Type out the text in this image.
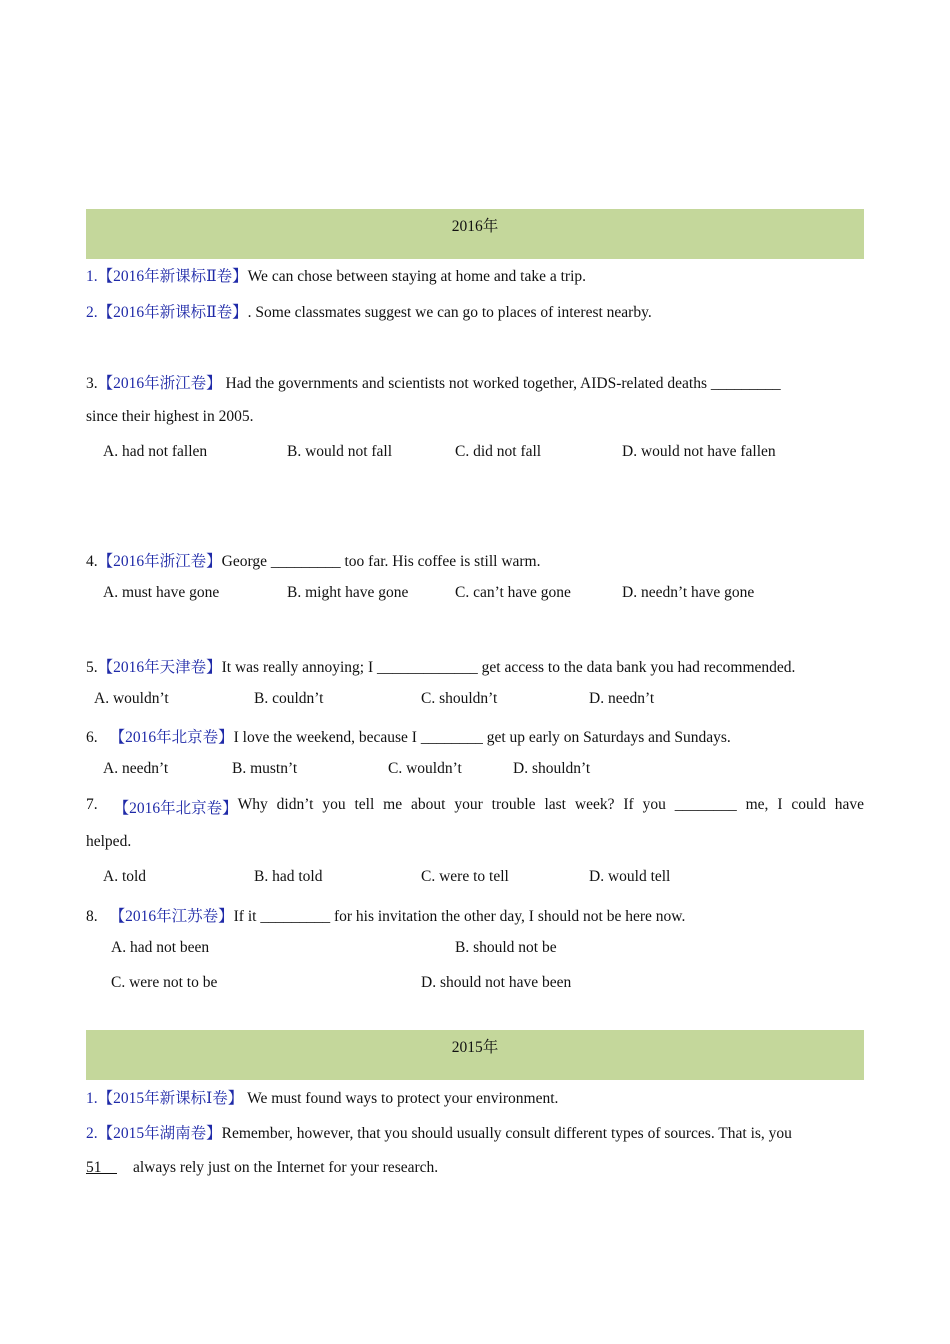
2016年
1.【2016年新课标Ⅱ卷】We can chose between staying at home and take a trip.
2.【2016年新课标Ⅱ卷】. Some classmates suggest we can go to places of interest nearby.
3.【2016年浙江卷】 Had the governments and scientists not worked together, AIDS-related deaths _________
since their highest in 2005.
A. had not fallen	B. would not fall	C. did not fall	D. would not have fallen
4.【2016年浙江卷】George _________ too far. His coffee is still warm.
A. must have gone	B. might have gone	C. can’t have gone	D. needn’t have gone
5.【2016年天津卷】It was really annoying; I _____________ get access to the data bank you had recommended.
A. wouldn’t	B. couldn’t	C. shouldn’t	D. needn’t
6. 【2016年北京卷】I love the weekend, because I ________ get up early on Saturdays and Sundays.
A. needn’t	B. mustn’t	C. wouldn’t	D. shouldn’t
7. 【2016年北京卷】 Why didn’t you tell me about your trouble last week? If you ________ me, I could have
helped.
A. told	B. had told	C. were to tell	D. would tell
8. 【2016年江苏卷】If it _________ for his invitation the other day, I should not be here now.
A. had not been	B. should not be
C. were not to be	D. should not have been
2015年
1.【2015年新课标Ⅰ卷】 We must found ways to protect your environment.
2.【2015年湖南卷】Remember, however, that you should usually consult different types of sources. That is, you
51 always rely just on the Internet for your research.
